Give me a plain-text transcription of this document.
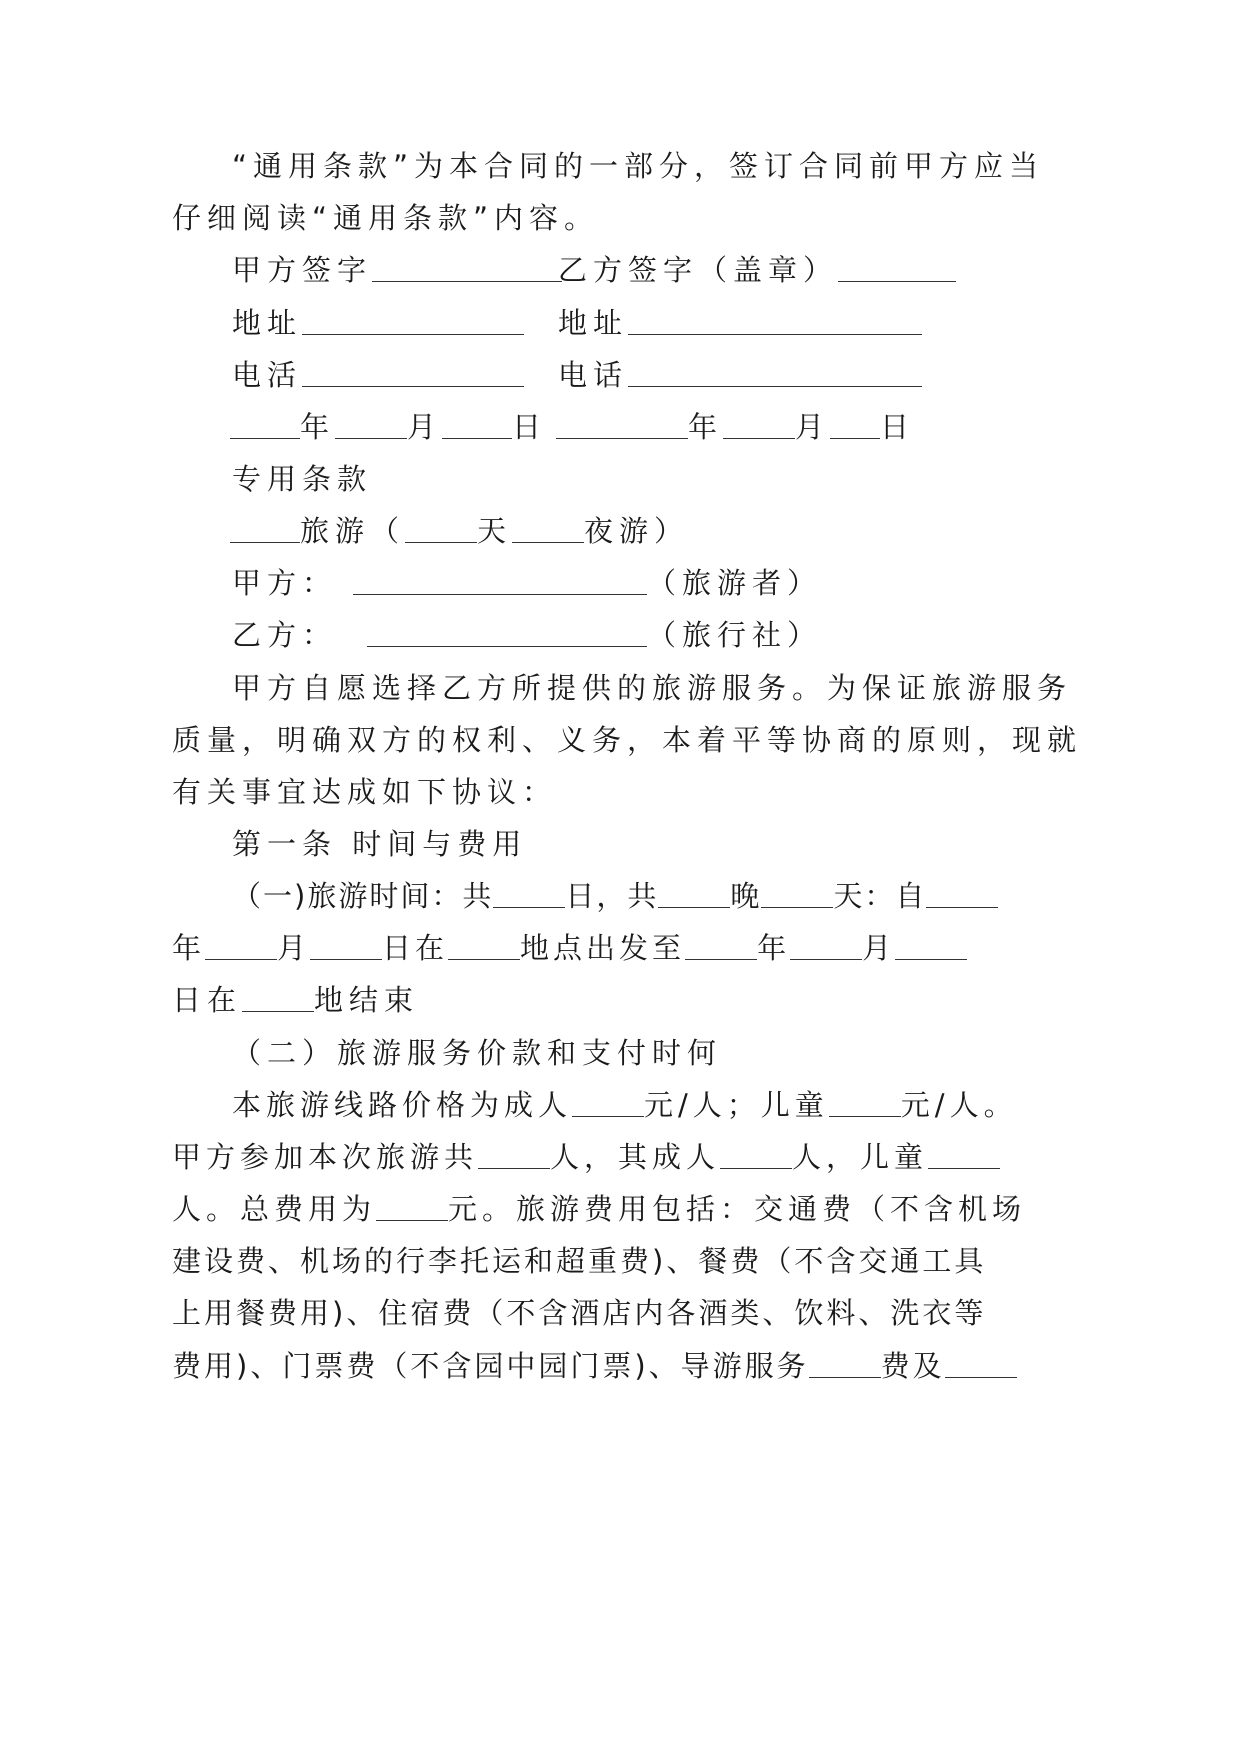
“通用条款”为本合同的一部分，签订合同前甲方应当
仔细阅读“通用条款”内容。
甲方签字	乙方签字（盖章）
地址	地址
电活	电话
年 月 日	年 月 日
专用条款
旅游（ 天 夜游）
甲方：	（旅游者）
乙方：	（旅行社）
甲方自愿选择乙方所提供的旅游服务。为保证旅游服务
质量，明确双方的权利、义务，本着平等协商的原则，现就
有关事宜达成如下协议：
第一条 时间与费用
（一)旅游时间：共 日，共 晚 天：自
年 月 日在 地点出发至 年 月
日在 地结束
（二）旅游服务价款和支付时何
本旅游线路价格为成人 元/人；儿童 元/人。
甲方参加本次旅游共 人，其成人 人，儿童
人。总费用为 元。旅游费用包括：交通费（不含机场
建设费、机场的行李托运和超重费)、餐费（不含交通工具
上用餐费用)、住宿费（不含酒店内各酒类、饮料、洗衣等
费用)、门票费（不含园中园门票)、导游服务 费及
